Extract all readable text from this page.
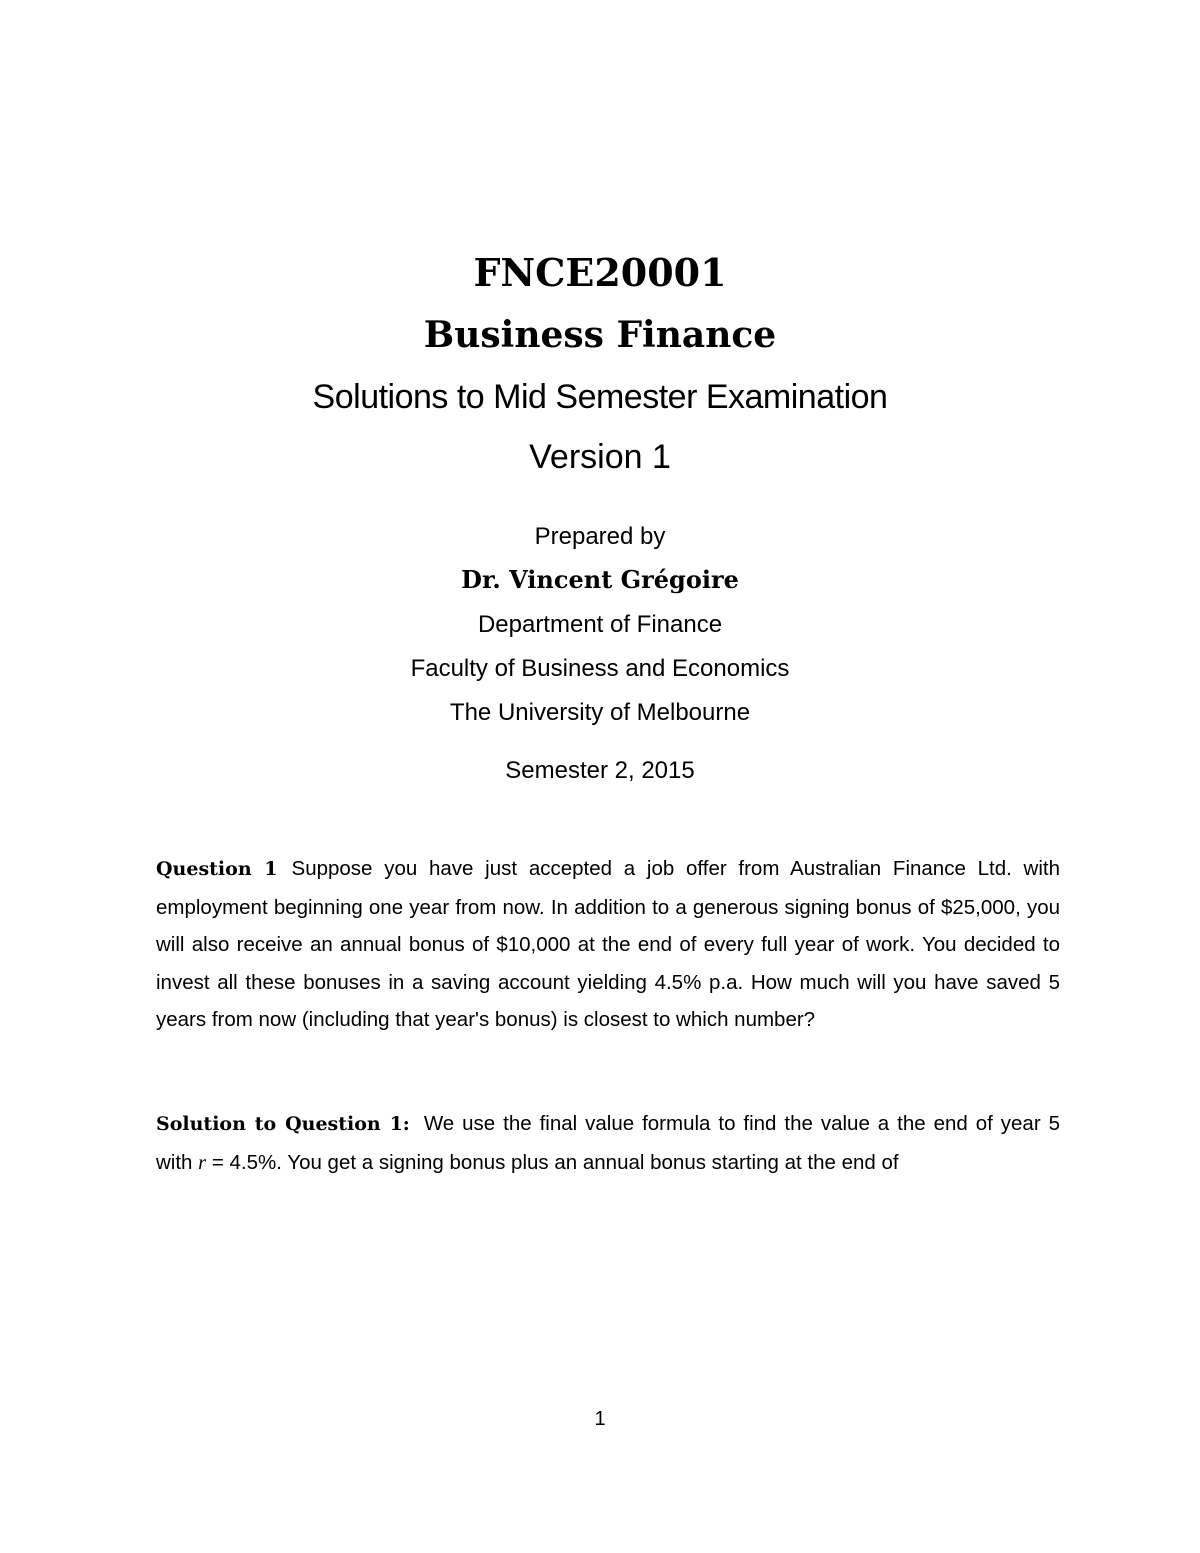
FNCE20001
Business Finance
Solutions to Mid Semester Examination
Version 1
Prepared by
Dr. Vincent Grégoire
Department of Finance
Faculty of Business and Economics
The University of Melbourne
Semester 2, 2015
Question 1 Suppose you have just accepted a job offer from Australian Finance Ltd. with employment beginning one year from now. In addition to a generous signing bonus of $25,000, you will also receive an annual bonus of $10,000 at the end of every full year of work. You decided to invest all these bonuses in a saving account yielding 4.5% p.a. How much will you have saved 5 years from now (including that year's bonus) is closest to which number?
Solution to Question 1: We use the final value formula to find the value a the end of year 5 with r = 4.5%. You get a signing bonus plus an annual bonus starting at the end of
1
